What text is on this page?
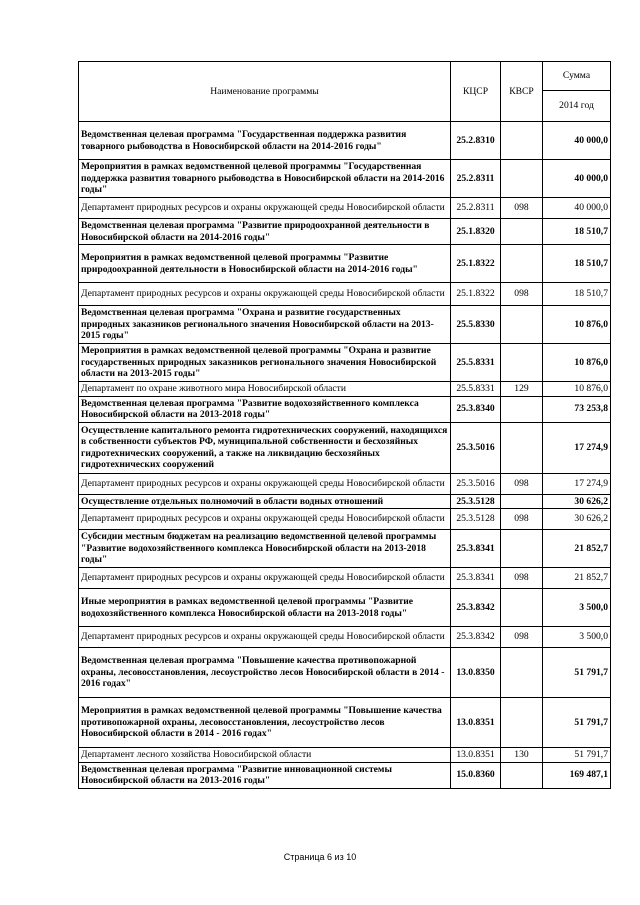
Наименование программы	КЦСР	КВСР	Сумма
			2014 год
Ведомственная целевая программа "Государственная поддержка развития товарного рыбоводства в Новосибирской области на 2014-2016 годы"	25.2.8310		40 000,0
Мероприятия в рамках ведомственной целевой программы "Государственная поддержка развития товарного рыбоводства в Новосибирской области на 2014-2016 годы"	25.2.8311		40 000,0
Департамент природных ресурсов и охраны окружающей среды Новосибирской области	25.2.8311	098	40 000,0
Ведомственная целевая программа "Развитие природоохранной деятельности в Новосибирской области на 2014-2016 годы"	25.1.8320		18 510,7
Мероприятия в рамках ведомственной целевой программы "Развитие природоохранной деятельности в Новосибирской области на 2014-2016 годы"	25.1.8322		18 510,7
Департамент природных ресурсов и охраны окружающей среды Новосибирской области	25.1.8322	098	18 510,7
Ведомственная целевая программа "Охрана и развитие государственных природных заказников регионального значения Новосибирской области на 2013-2015 годы"	25.5.8330		10 876,0
Мероприятия в рамках ведомственной целевой программы "Охрана и развитие государственных природных заказников регионального значения Новосибирской области на 2013-2015 годы"	25.5.8331		10 876,0
Департамент по охране животного мира Новосибирской области	25.5.8331	129	10 876,0
Ведомственная целевая программа "Развитие водохозяйственного комплекса Новосибирской области на 2013-2018 годы"	25.3.8340		73 253,8
Осуществление капитального ремонта гидротехнических сооружений, находящихся в собственности субъектов РФ, муниципальной собственности и бесхозяйных гидротехнических сооружений, а также на ликвидацию бесхозяйных гидротехнических сооружений	25.3.5016		17 274,9
Департамент природных ресурсов и охраны окружающей среды Новосибирской области	25.3.5016	098	17 274,9
Осуществление отдельных полномочий в области водных отношений	25.3.5128		30 626,2
Департамент природных ресурсов и охраны окружающей среды Новосибирской области	25.3.5128	098	30 626,2
Субсидии местным бюджетам на реализацию ведомственной целевой программы "Развитие водохозяйственного комплекса Новосибирской области на 2013-2018 годы"	25.3.8341		21 852,7
Департамент природных ресурсов и охраны окружающей среды Новосибирской области	25.3.8341	098	21 852,7
Иные мероприятия в рамках ведомственной целевой программы "Развитие водохозяйственного комплекса Новосибирской области на 2013-2018 годы"	25.3.8342		3 500,0
Департамент природных ресурсов и охраны окружающей среды Новосибирской области	25.3.8342	098	3 500,0
Ведомственная целевая программа "Повышение качества противопожарной охраны, лесовосстановления, лесоустройство лесов Новосибирской области в 2014 - 2016 годах"	13.0.8350		51 791,7
Мероприятия в рамках ведомственной целевой программы "Повышение качества противопожарной охраны, лесовосстановления, лесоустройство лесов Новосибирской области в 2014 - 2016 годах"	13.0.8351		51 791,7
Департамент лесного хозяйства Новосибирской области	13.0.8351	130	51 791,7
Ведомственная целевая программа "Развитие инновационной системы Новосибирской области на 2013-2016 годы"	15.0.8360		169 487,1
Страница 6 из 10
